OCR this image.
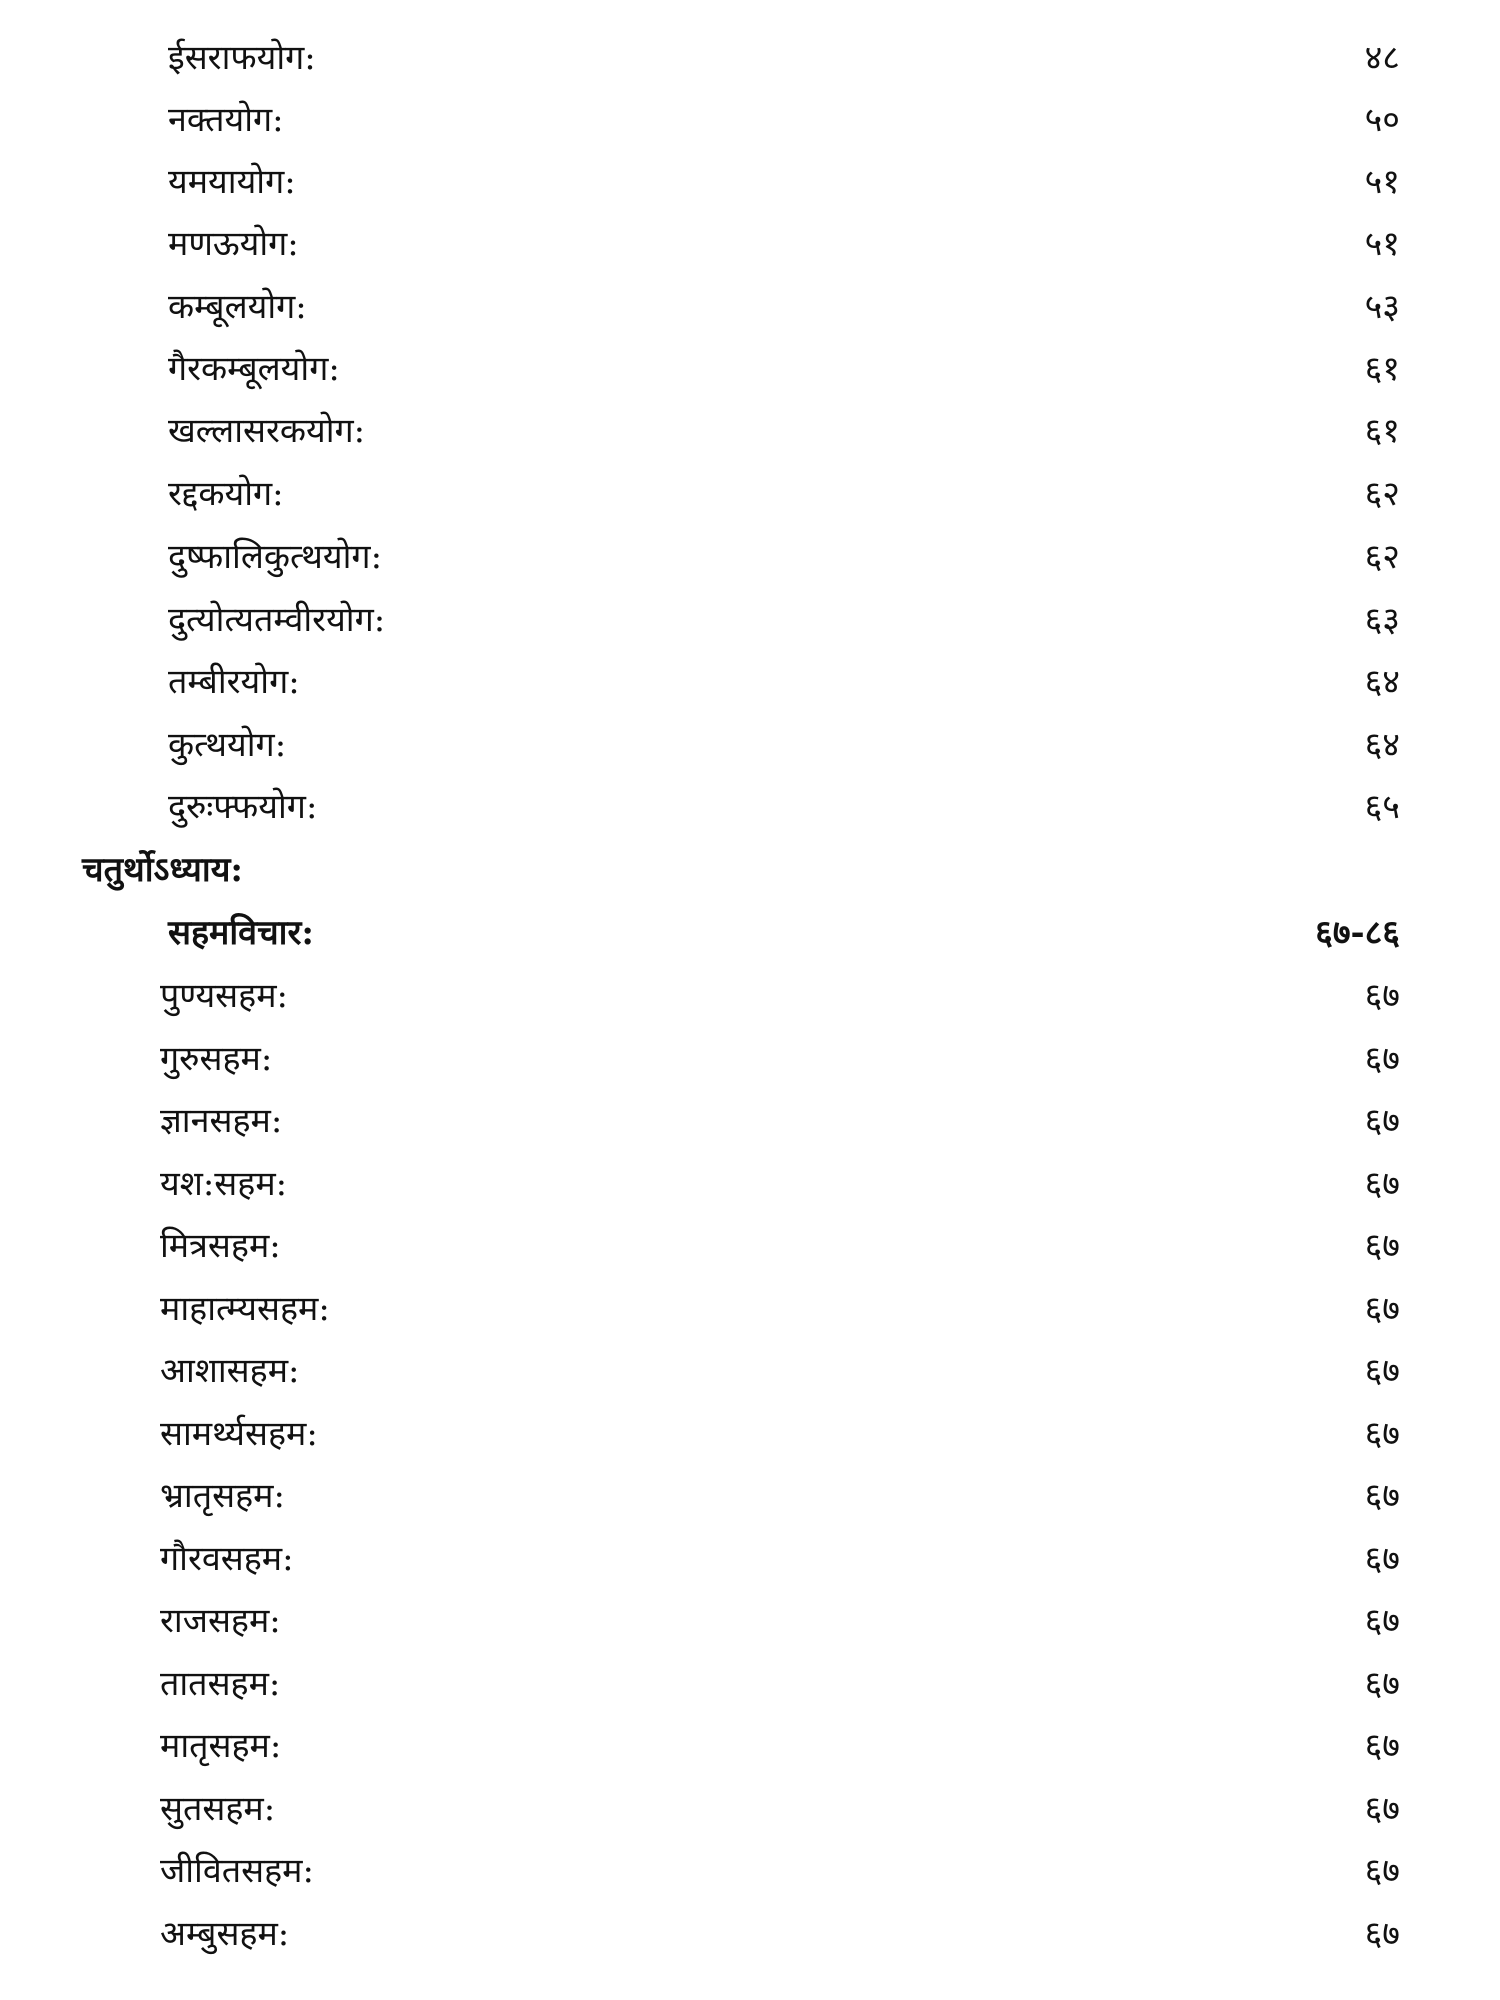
ईसराफयोग:	४८
नक्तयोग:	५०
यमयायोग:	५१
मणऊयोग:	५१
कम्बूलयोग:	५३
गैरकम्बूलयोग:	६१
खल्लासरकयोग:	६१
रद्दकयोग:	६२
दुष्फालिकुत्थयोग:	६२
दुत्योत्यतम्वीरयोग:	६३
तम्बीरयोग:	६४
कुत्थयोग:	६४
दुरुःफ्फयोग:	६५
चतुर्थोऽध्याय:
सहमविचार:	६७-८६
पुण्यसहम:	६७
गुरुसहम:	६७
ज्ञानसहम:	६७
यश:सहम:	६७
मित्रसहम:	६७
माहात्म्यसहम:	६७
आशासहम:	६७
सामर्थ्यसहम:	६७
भ्रातृसहम:	६७
गौरवसहम:	६७
राजसहम:	६७
तातसहम:	६७
मातृसहम:	६७
सुतसहम:	६७
जीवितसहम:	६७
अम्बुसहम:	६७
